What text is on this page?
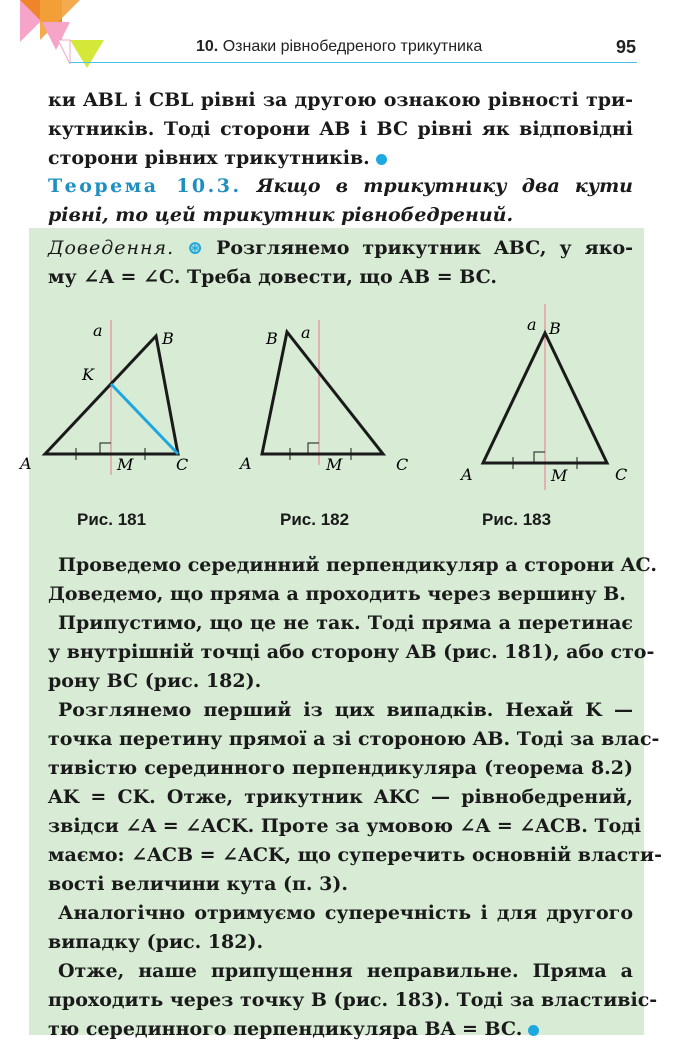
10. Ознаки рівнобедреного трикутника	95
ки ABL і CBL рівні за другою ознакою рівності три-
кутників. Тоді сторони AB і BC рівні як відповідні
сторони рівних трикутників.
Теорема 10.3. Якщо в трикутнику два кути
рівні, то цей трикутник рівнобедрений.
Доведення. ⊛ Розглянемо трикутник ABC, у яко-
му ∠A = ∠C. Треба довести, що AB = BC.
a	B
K
A	M	C
a
B
A	M	C
a B
A	M	C
Рис. 181	Рис. 182	Рис. 183
Проведемо серединний перпендикуляр a сторони AC.
Доведемо, що пряма a проходить через вершину B.
Припустимо, що це не так. Тоді пряма a перетинає
у внутрішній точці або сторону AB (рис. 181), або сто-
рону BC (рис. 182).
Розглянемо перший із цих випадків. Нехай K —
точка перетину прямої a зі стороною AB. Тоді за влас-
тивістю серединного перпендикуляра (теорема 8.2)
AK = CK. Отже, трикутник AKC — рівнобедрений,
звідси ∠A = ∠ACK. Проте за умовою ∠A = ∠ACB. Тоді
маємо: ∠ACB = ∠ACK, що суперечить основній власти-
вості величини кута (п. 3).
Аналогічно отримуємо суперечність і для другого
випадку (рис. 182).
Отже, наше припущення неправильне. Пряма a
проходить через точку B (рис. 183). Тоді за властивіс-
тю серединного перпендикуляра BA = BC.
